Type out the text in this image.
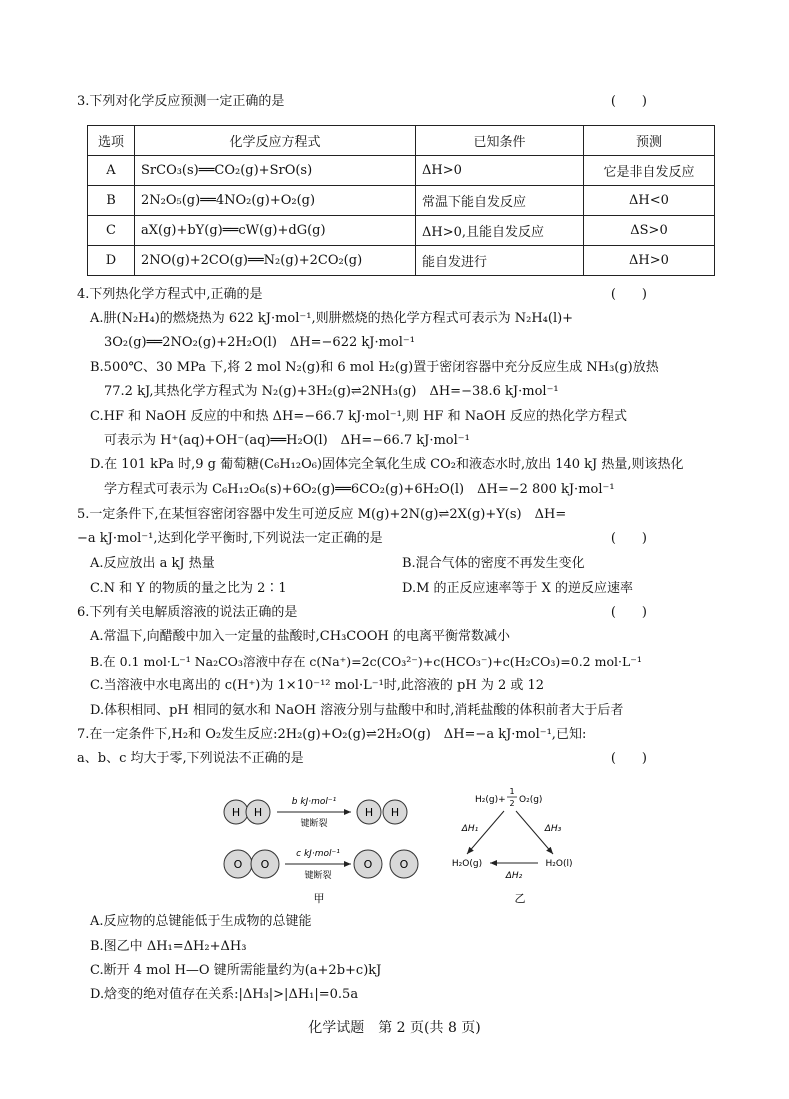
3.下列对化学反应预测一定正确的是	(　　)
选项	化学反应方程式	已知条件	预测
A	SrCO₃(s)══CO₂(g)+SrO(s)	ΔH>0	它是非自发反应
B	2N₂O₅(g)══4NO₂(g)+O₂(g)	常温下能自发反应	ΔH<0
C	aX(g)+bY(g)══cW(g)+dG(g)	ΔH>0,且能自发反应	ΔS>0
D	2NO(g)+2CO(g)══N₂(g)+2CO₂(g)	能自发进行	ΔH>0
4.下列热化学方程式中,正确的是	(　　)
A.肼(N₂H₄)的燃烧热为 622 kJ·mol⁻¹,则肼燃烧的热化学方程式可表示为 N₂H₄(l)+
3O₂(g)══2NO₂(g)+2H₂O(l)　ΔH=−622 kJ·mol⁻¹
B.500℃、30 MPa 下,将 2 mol N₂(g)和 6 mol H₂(g)置于密闭容器中充分反应生成 NH₃(g)放热
77.2 kJ,其热化学方程式为 N₂(g)+3H₂(g)⇌2NH₃(g)　ΔH=−38.6 kJ·mol⁻¹
C.HF 和 NaOH 反应的中和热 ΔH=−66.7 kJ·mol⁻¹,则 HF 和 NaOH 反应的热化学方程式
可表示为 H⁺(aq)+OH⁻(aq)══H₂O(l)　ΔH=−66.7 kJ·mol⁻¹
D.在 101 kPa 时,9 g 葡萄糖(C₆H₁₂O₆)固体完全氧化生成 CO₂和液态水时,放出 140 kJ 热量,则该热化
学方程式可表示为 C₆H₁₂O₆(s)+6O₂(g)══6CO₂(g)+6H₂O(l)　ΔH=−2 800 kJ·mol⁻¹
5.一定条件下,在某恒容密闭容器中发生可逆反应 M(g)+2N(g)⇌2X(g)+Y(s)　ΔH=
−a kJ·mol⁻¹,达到化学平衡时,下列说法一定正确的是	(　　)
A.反应放出 a kJ 热量	B.混合气体的密度不再发生变化
C.N 和 Y 的物质的量之比为 2∶1	D.M 的正反应速率等于 X 的逆反应速率
6.下列有关电解质溶液的说法正确的是	(　　)
A.常温下,向醋酸中加入一定量的盐酸时,CH₃COOH 的电离平衡常数减小
B.在 0.1 mol·L⁻¹ Na₂CO₃溶液中存在 c(Na⁺)=2c(CO₃²⁻)+c(HCO₃⁻)+c(H₂CO₃)=0.2 mol·L⁻¹
C.当溶液中水电离出的 c(H⁺)为 1×10⁻¹² mol·L⁻¹时,此溶液的 pH 为 2 或 12
D.体积相同、pH 相同的氨水和 NaOH 溶液分别与盐酸中和时,消耗盐酸的体积前者大于后者
7.在一定条件下,H₂和 O₂发生反应:2H₂(g)+O₂(g)⇌2H₂O(g)　ΔH=−a kJ·mol⁻¹,已知:
a、b、c 均大于零,下列说法不正确的是	(　　)
H H
b kJ·mol⁻¹
键断裂
H H
O O
c kJ·mol⁻¹
键断裂
O O
甲
H₂(g)+
1
2 O₂(g)
ΔH₁	ΔH₃
H₂O(g)	H₂O(l)
ΔH₂
乙
A.反应物的总键能低于生成物的总键能
B.图乙中 ΔH₁=ΔH₂+ΔH₃
C.断开 4 mol H—O 键所需能量约为(a+2b+c)kJ
D.焓变的绝对值存在关系:|ΔH₃|>|ΔH₁|=0.5a
化学试题　第 2 页(共 8 页)
